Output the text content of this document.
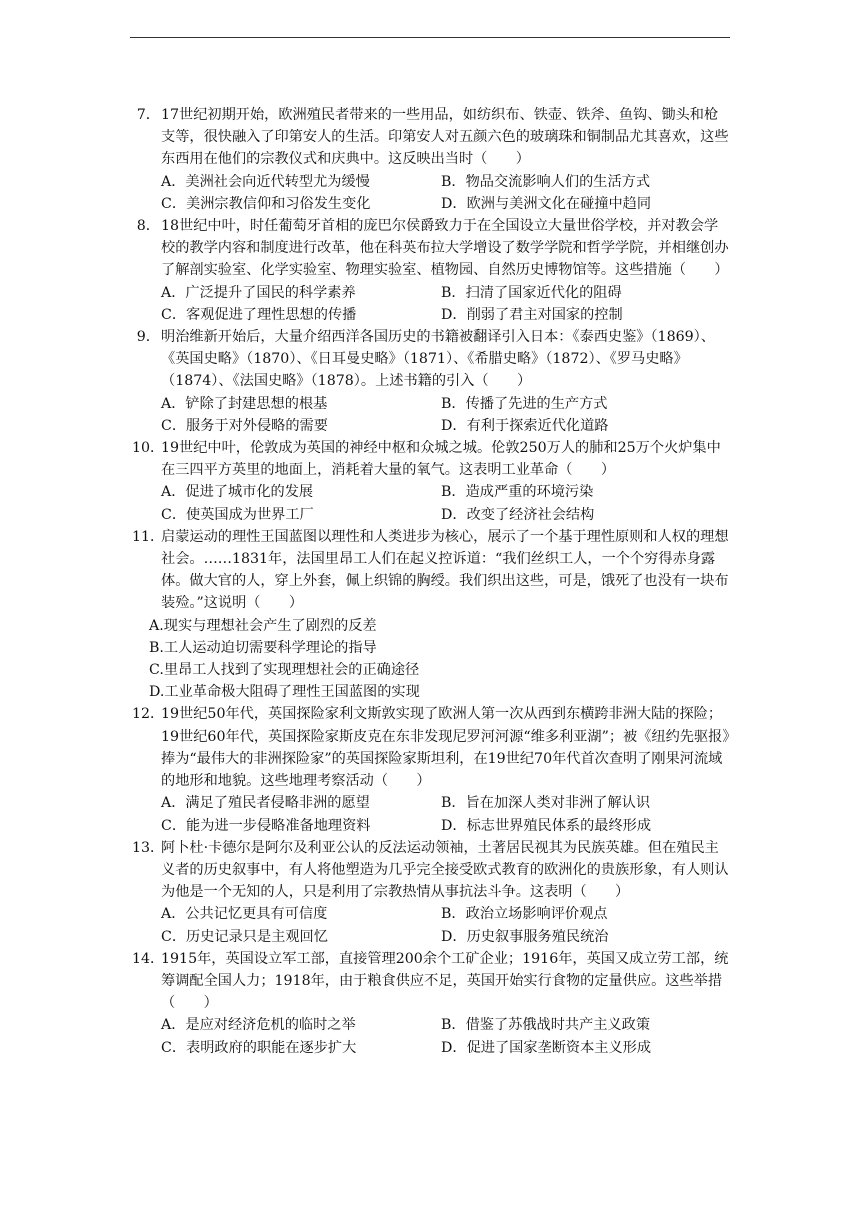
7． 17世纪初期开始，欧洲殖民者带来的一些用品，如纺织布、铁壶、铁斧、鱼钩、锄头和枪支等，很快融入了印第安人的生活。印第安人对五颜六色的玻璃珠和铜制品尤其喜欢，这些东西用在他们的宗教仪式和庆典中。这反映出当时（　　）
A．美洲社会向近代转型尤为缓慢	B．物品交流影响人们的生活方式
C．美洲宗教信仰和习俗发生变化	D．欧洲与美洲文化在碰撞中趋同
8． 18世纪中叶，时任葡萄牙首相的庞巴尔侯爵致力于在全国设立大量世俗学校，并对教会学校的教学内容和制度进行改革，他在科英布拉大学增设了数学学院和哲学学院，并相继创办了解剖实验室、化学实验室、物理实验室、植物园、自然历史博物馆等。这些措施（　　）
A．广泛提升了国民的科学素养	B．扫清了国家近代化的阻碍
C．客观促进了理性思想的传播	D．削弱了君主对国家的控制
9． 明治维新开始后，大量介绍西洋各国历史的书籍被翻译引入日本：《泰西史鉴》（1869）、《英国史略》（1870）、《日耳曼史略》（1871）、《希腊史略》（1872）、《罗马史略》（1874）、《法国史略》（1878）。上述书籍的引入（　　）
A．铲除了封建思想的根基	B．传播了先进的生产方式
C．服务于对外侵略的需要	D．有利于探索近代化道路
10．
19世纪中叶，伦敦成为英国的神经中枢和众城之城。伦敦250万人的肺和25万个火炉集中在三四平方英里的地面上，消耗着大量的氧气。这表明工业革命（　　）
A．促进了城市化的发展	B．造成严重的环境污染
C．使英国成为世界工厂	D．改变了经济社会结构
11．
启蒙运动的理性王国蓝图以理性和人类进步为核心，展示了一个基于理性原则和人权的理想社会。……1831年，法国里昂工人们在起义控诉道：“我们丝织工人，一个个穷得赤身露体。做大官的人，穿上外套，佩上织锦的胸绶。我们织出这些，可是，饿死了也没有一块布装殓。”这说明（　　）
A.现实与理想社会产生了剧烈的反差
B.工人运动迫切需要科学理论的指导
C.里昂工人找到了实现理想社会的正确途径
D.工业革命极大阻碍了理性王国蓝图的实现
12．
19世纪50年代，英国探险家利文斯敦实现了欧洲人第一次从西到东横跨非洲大陆的探险；19世纪60年代，英国探险家斯皮克在东非发现尼罗河河源“维多利亚湖”；被《纽约先驱报》捧为“最伟大的非洲探险家”的英国探险家斯坦利，在19世纪70年代首次查明了刚果河流域的地形和地貌。这些地理考察活动（　　）
A．满足了殖民者侵略非洲的愿望	B．旨在加深人类对非洲了解认识
C．能为进一步侵略准备地理资料	D．标志世界殖民体系的最终形成
13．
阿卜杜·卡德尔是阿尔及利亚公认的反法运动领袖，土著居民视其为民族英雄。但在殖民主义者的历史叙事中，有人将他塑造为几乎完全接受欧式教育的欧洲化的贵族形象，有人则认为他是一个无知的人，只是利用了宗教热情从事抗法斗争。这表明（　　）
A．公共记忆更具有可信度	B．政治立场影响评价观点
C．历史记录只是主观回忆	D．历史叙事服务殖民统治
14．
1915年，英国设立军工部，直接管理200余个工矿企业；1916年，英国又成立劳工部，统筹调配全国人力；1918年，由于粮食供应不足，英国开始实行食物的定量供应。这些举措（　　）
A．是应对经济危机的临时之举	B．借鉴了苏俄战时共产主义政策
C．表明政府的职能在逐步扩大	D．促进了国家垄断资本主义形成
